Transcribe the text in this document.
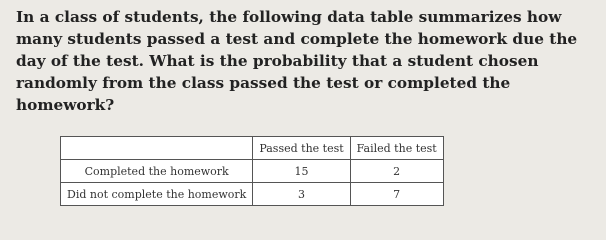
In a class of students, the following data table summarizes how many students passed a test and complete the homework due the day of the test. What is the probability that a student chosen randomly from the class passed the test or completed the homework?

	Passed the test	Failed the test
Completed the homework	15	2
Did not complete the homework	3	7
